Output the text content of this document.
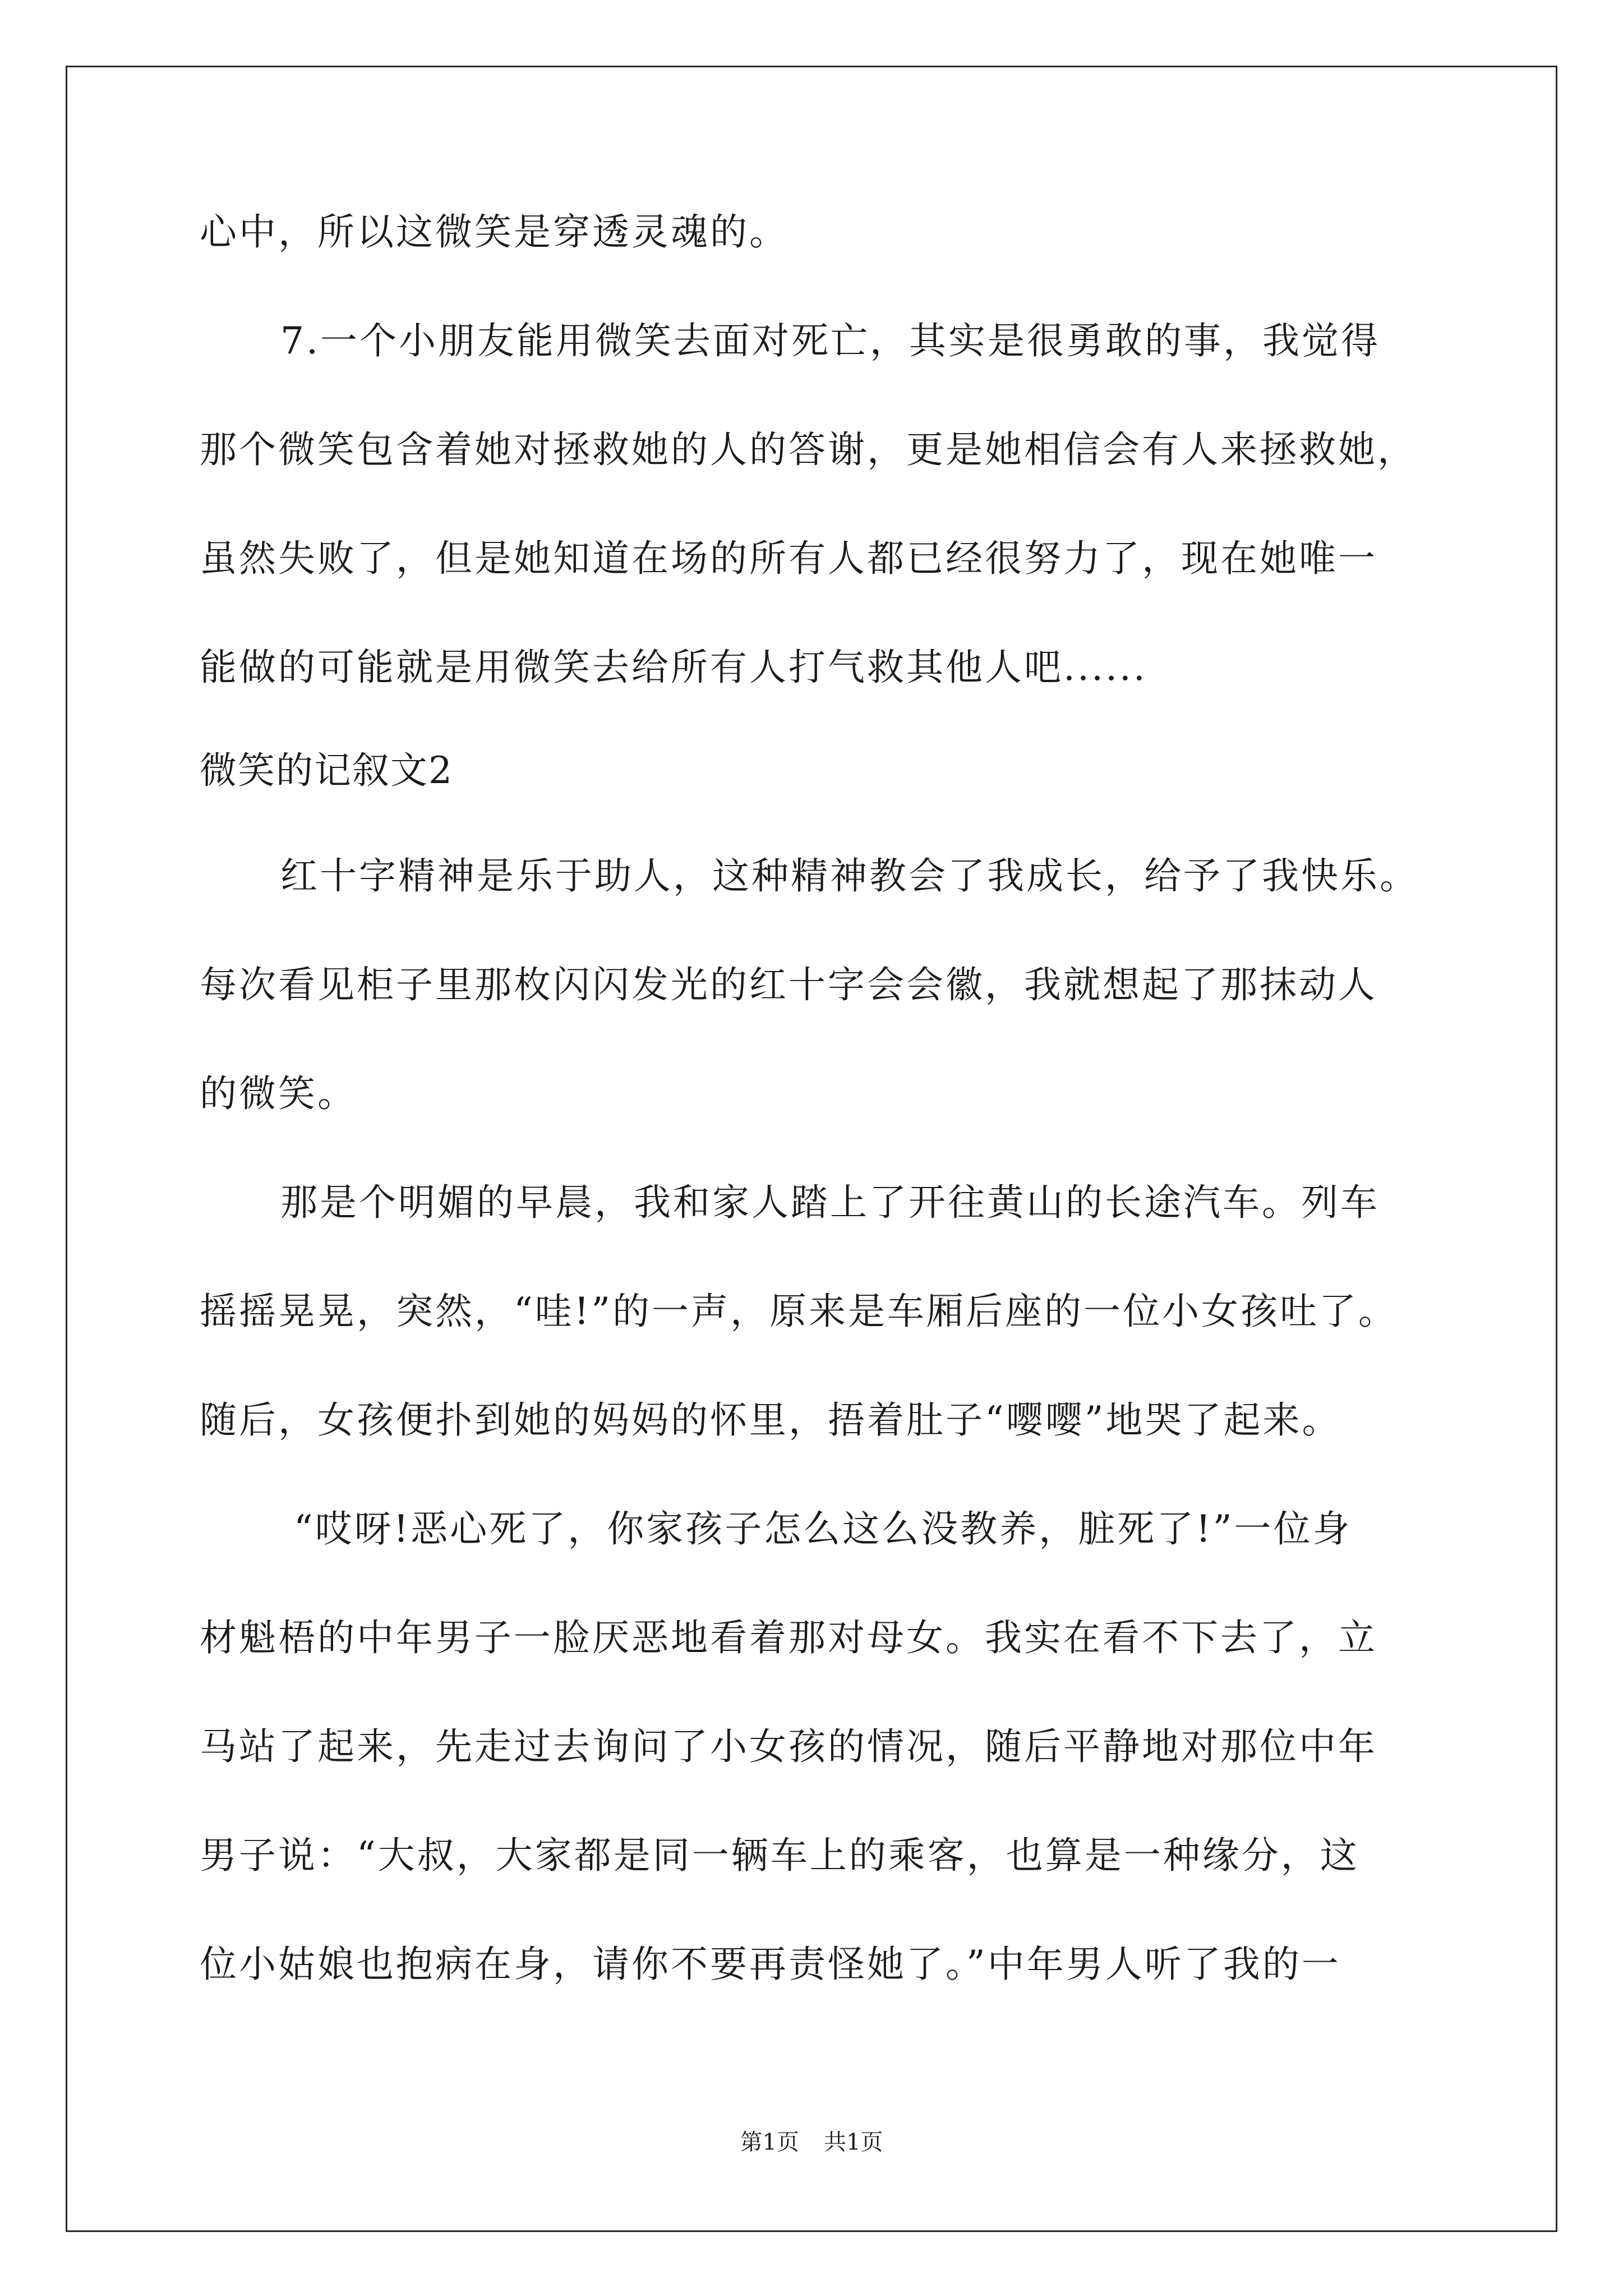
心中，所以这微笑是穿透灵魂的。
7.一个小朋友能用微笑去面对死亡，其实是很勇敢的事，我觉得
那个微笑包含着她对拯救她的人的答谢，更是她相信会有人来拯救她，
虽然失败了，但是她知道在场的所有人都已经很努力了，现在她唯一
能做的可能就是用微笑去给所有人打气救其他人吧......
微笑的记叙文2
红十字精神是乐于助人，这种精神教会了我成长，给予了我快乐。
每次看见柜子里那枚闪闪发光的红十字会会徽，我就想起了那抹动人
的微笑。
那是个明媚的早晨，我和家人踏上了开往黄山的长途汽车。列车
摇摇晃晃，突然，“哇!”的一声，原来是车厢后座的一位小女孩吐了。
随后，女孩便扑到她的妈妈的怀里，捂着肚子“嘤嘤”地哭了起来。
“哎呀!恶心死了，你家孩子怎么这么没教养，脏死了!”一位身
材魁梧的中年男子一脸厌恶地看着那对母女。我实在看不下去了，立
马站了起来，先走过去询问了小女孩的情况，随后平静地对那位中年
男子说：“大叔，大家都是同一辆车上的乘客，也算是一种缘分，这
位小姑娘也抱病在身，请你不要再责怪她了。”中年男人听了我的一
第1页 共1页
